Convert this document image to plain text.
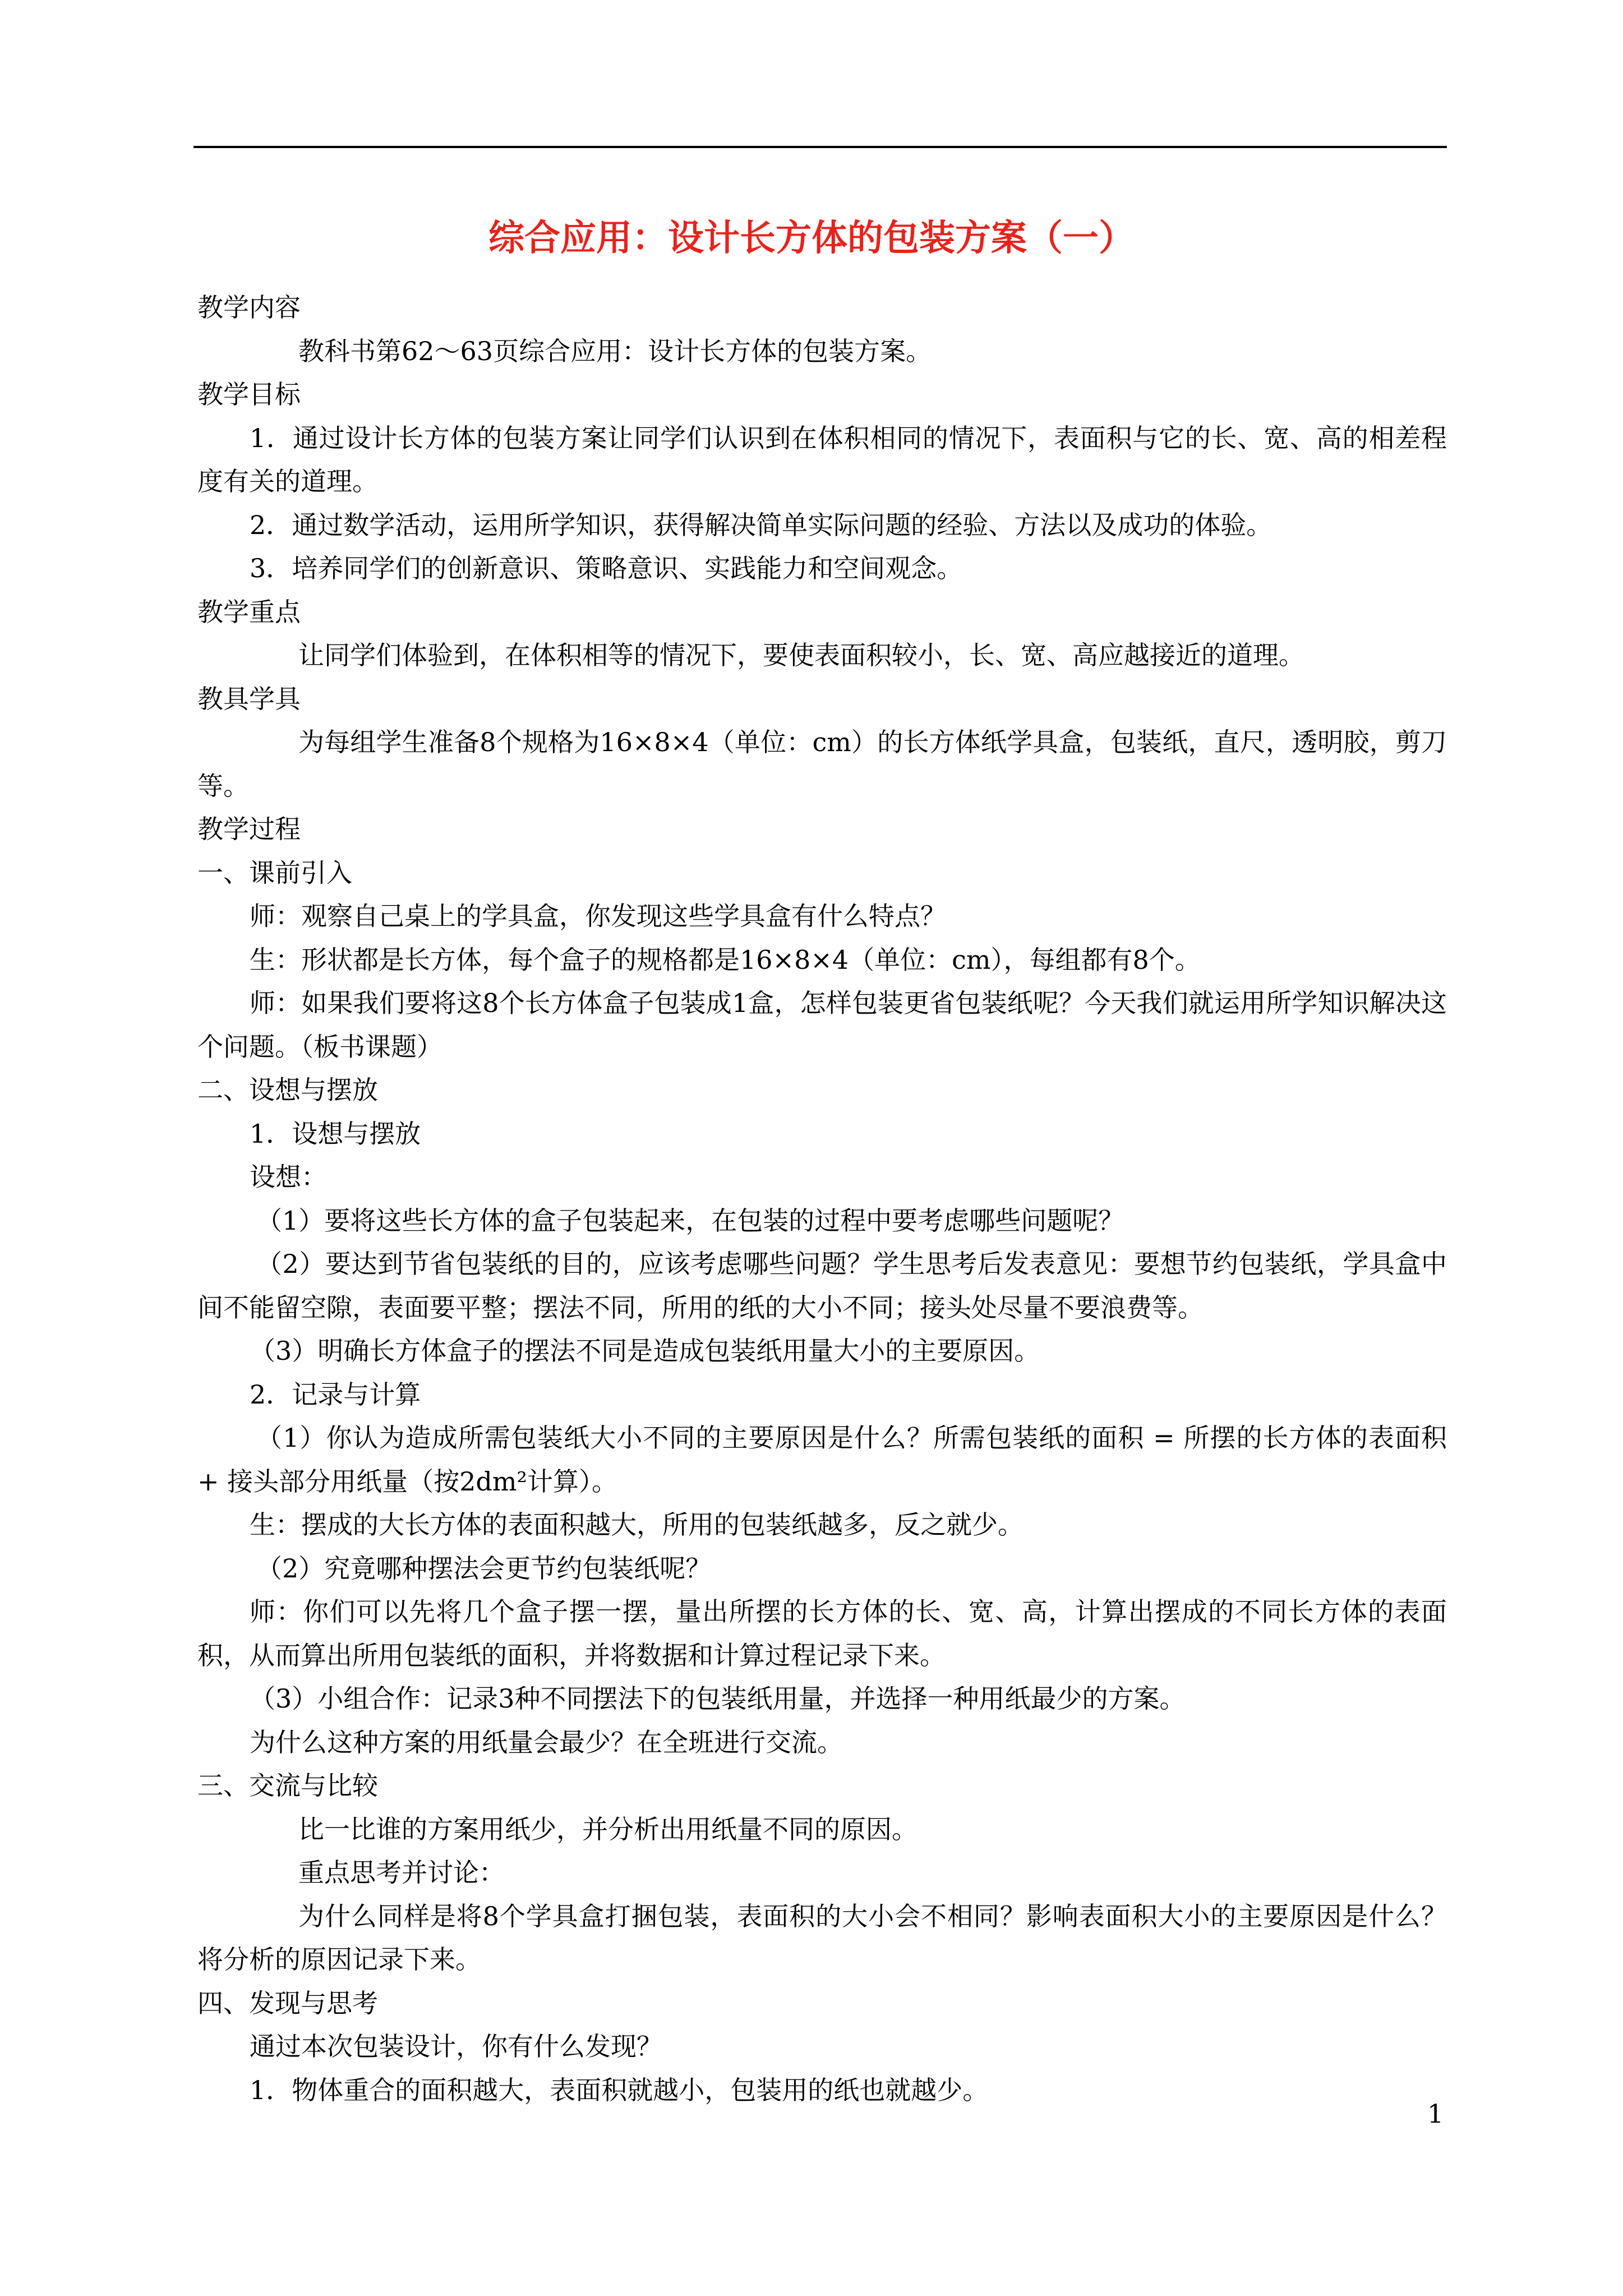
综合应用：设计长方体的包装方案（一）

教学内容

教科书第62～63页综合应用：设计长方体的包装方案。

教学目标

1．通过设计长方体的包装方案让同学们认识到在体积相同的情况下，表面积与它的长、宽、高的相差程度有关的道理。

2．通过数学活动，运用所学知识，获得解决简单实际问题的经验、方法以及成功的体验。

3．培养同学们的创新意识、策略意识、实践能力和空间观念。

教学重点

让同学们体验到，在体积相等的情况下，要使表面积较小，长、宽、高应越接近的道理。

教具学具

为每组学生准备8个规格为16×8×4（单位：cm）的长方体纸学具盒，包装纸，直尺，透明胶，剪刀等。

教学过程

一、课前引入

师：观察自己桌上的学具盒，你发现这些学具盒有什么特点？

生：形状都是长方体，每个盒子的规格都是16×8×4（单位：cm），每组都有8个。

师：如果我们要将这8个长方体盒子包装成1盒，怎样包装更省包装纸呢？今天我们就运用所学知识解决这个问题。（板书课题）

二、设想与摆放

1．设想与摆放

设想：

（1）要将这些长方体的盒子包装起来，在包装的过程中要考虑哪些问题呢？

（2）要达到节省包装纸的目的，应该考虑哪些问题？学生思考后发表意见：要想节约包装纸，学具盒中间不能留空隙，表面要平整；摆法不同，所用的纸的大小不同；接头处尽量不要浪费等。

（3）明确长方体盒子的摆法不同是造成包装纸用量大小的主要原因。

2．记录与计算

（1）你认为造成所需包装纸大小不同的主要原因是什么？所需包装纸的面积 = 所摆的长方体的表面积 + 接头部分用纸量（按2dm²计算）。

生：摆成的大长方体的表面积越大，所用的包装纸越多，反之就少。

（2）究竟哪种摆法会更节约包装纸呢？

师：你们可以先将几个盒子摆一摆，量出所摆的长方体的长、宽、高，计算出摆成的不同长方体的表面积，从而算出所用包装纸的面积，并将数据和计算过程记录下来。

（3）小组合作：记录3种不同摆法下的包装纸用量，并选择一种用纸最少的方案。

为什么这种方案的用纸量会最少？在全班进行交流。

三、交流与比较

比一比谁的方案用纸少，并分析出用纸量不同的原因。

重点思考并讨论：

为什么同样是将8个学具盒打捆包装，表面积的大小会不相同？影响表面积大小的主要原因是什么？将分析的原因记录下来。

四、发现与思考

通过本次包装设计，你有什么发现？

1．物体重合的面积越大，表面积就越小，包装用的纸也就越少。

1
